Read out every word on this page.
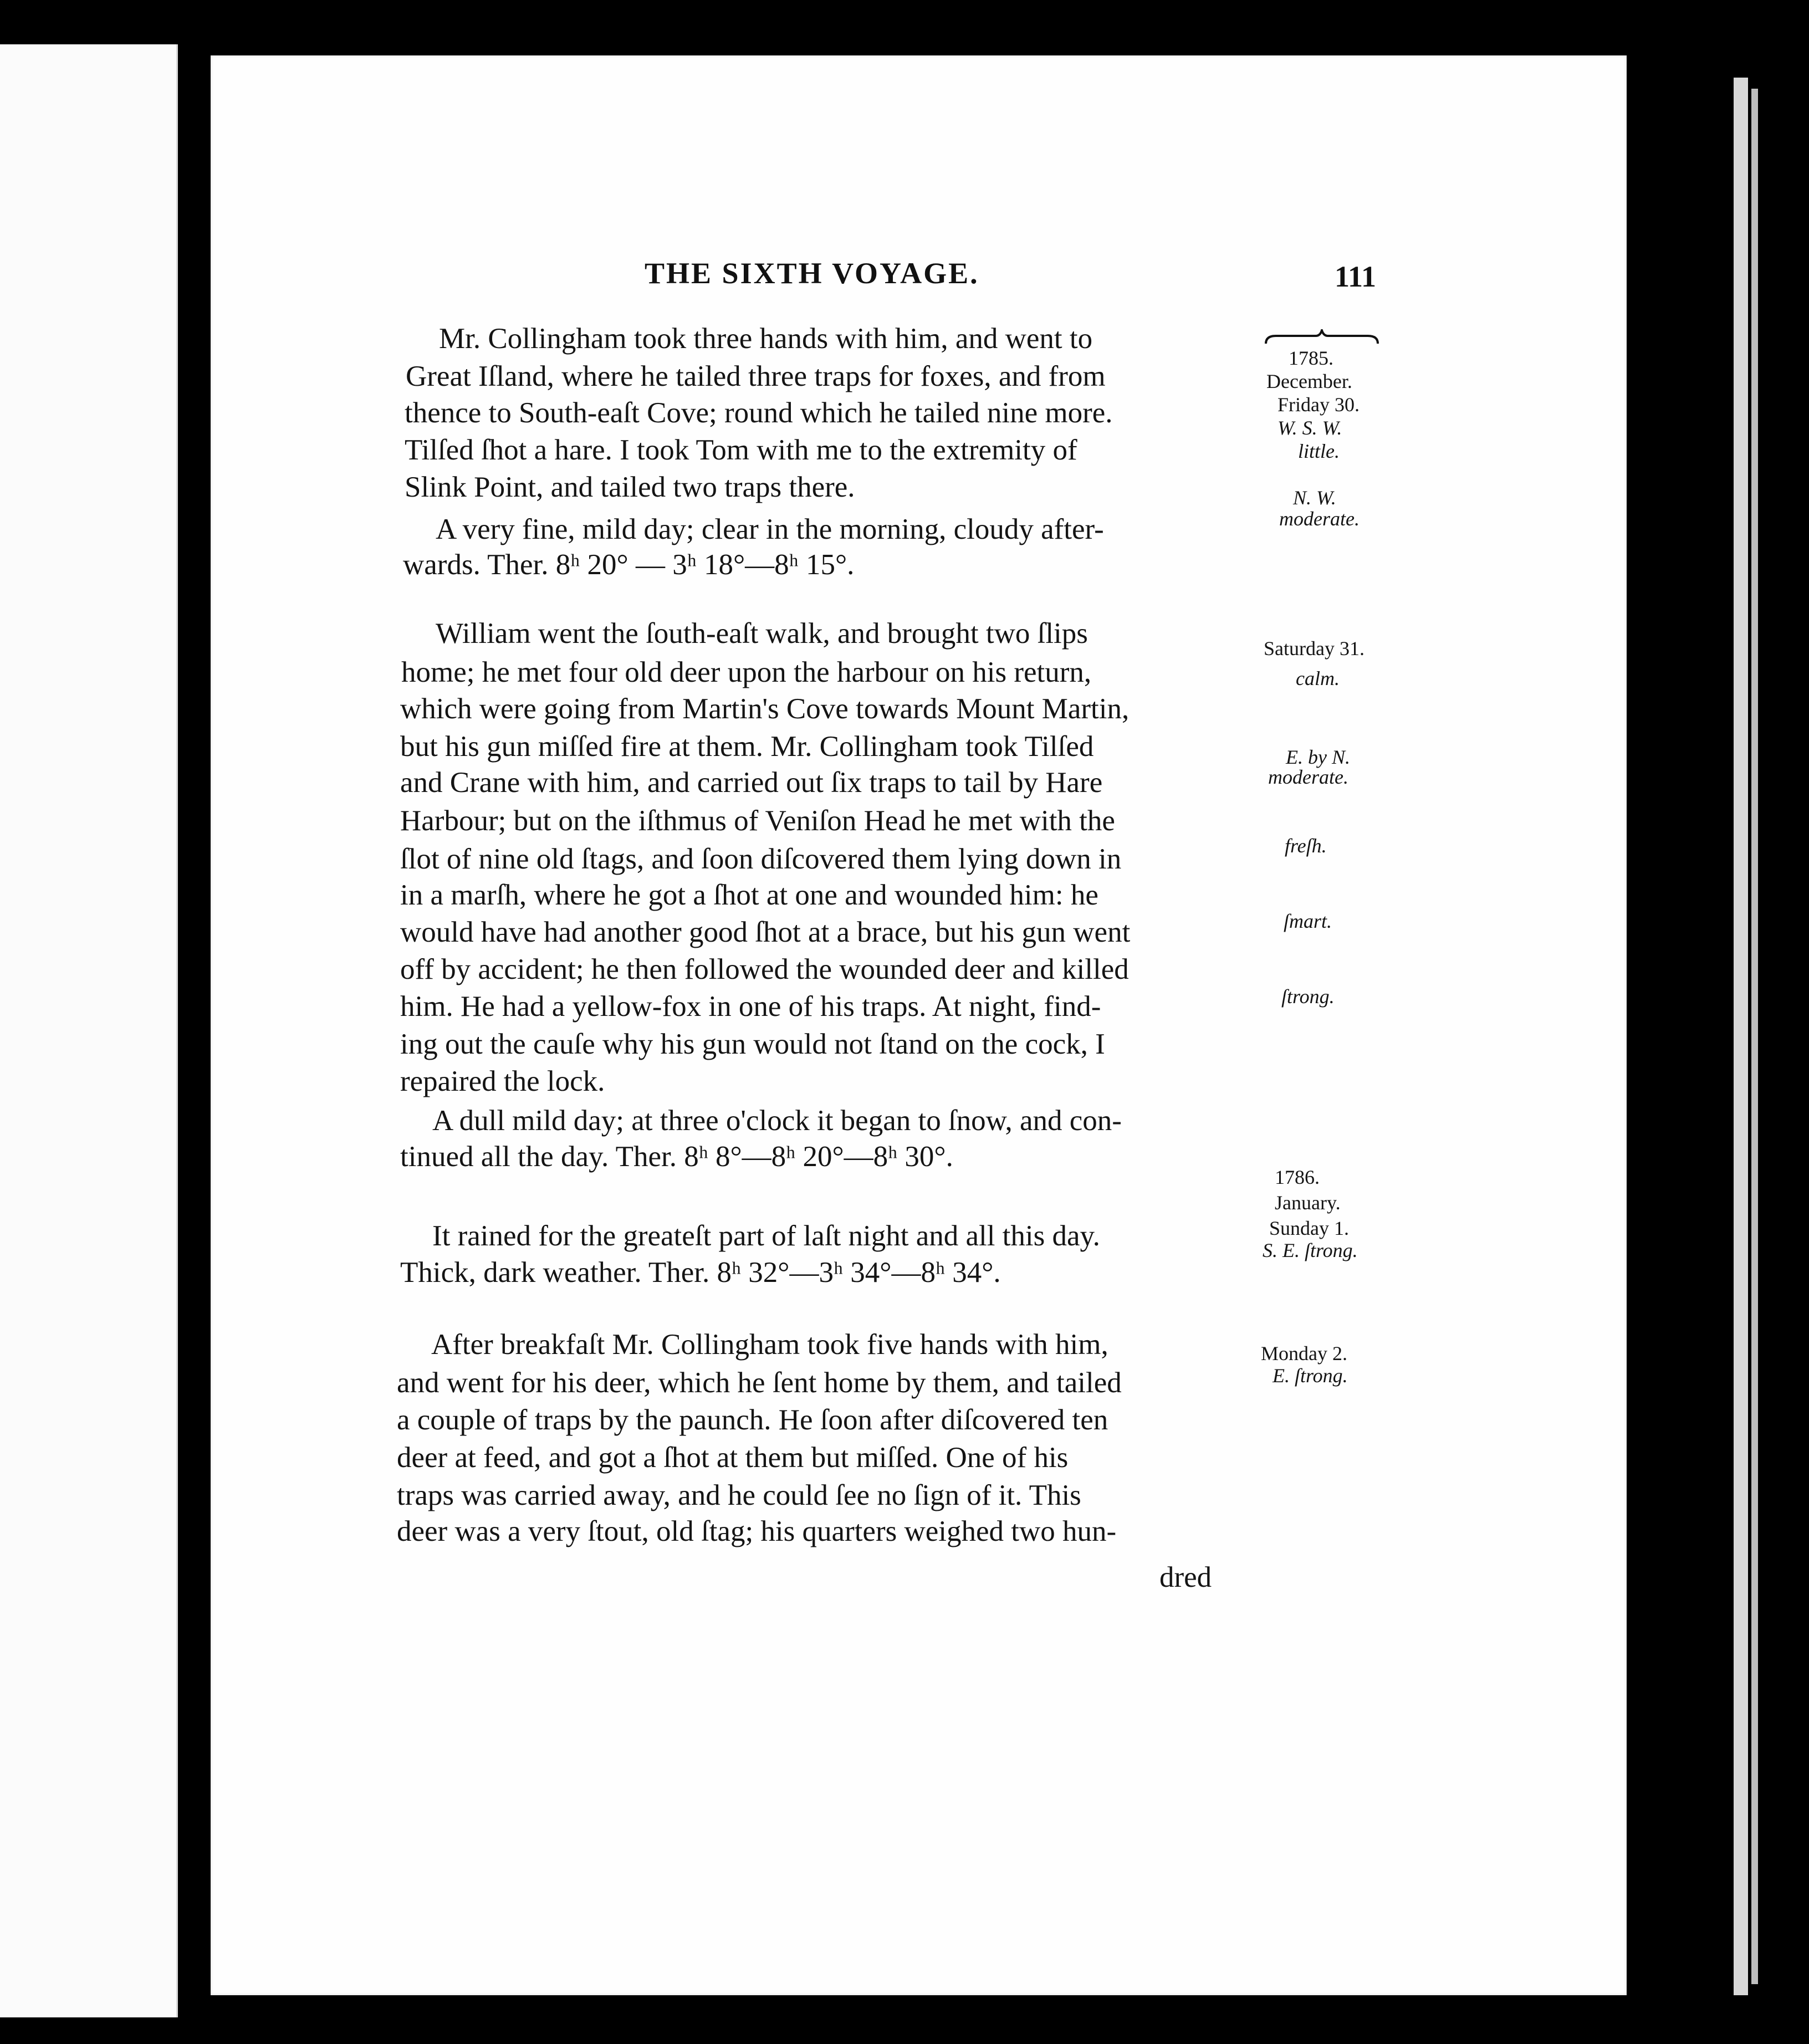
THE SIXTH VOYAGE.	111
Mr. Collingham took three hands with him, and went to
Great Iſland, where he tailed three traps for foxes, and from
thence to South-eaſt Cove; round which he tailed nine more.
Tilſed ſhot a hare. I took Tom with me to the extremity of
Slink Point, and tailed two traps there.
A very fine, mild day; clear in the morning, cloudy after-
wards. Ther. 8ʰ 20° — 3ʰ 18°—8ʰ 15°.
William went the ſouth-eaſt walk, and brought two ſlips
home; he met four old deer upon the harbour on his return,
which were going from Martin's Cove towards Mount Martin,
but his gun miſſed fire at them. Mr. Collingham took Tilſed
and Crane with him, and carried out ſix traps to tail by Hare
Harbour; but on the iſthmus of Veniſon Head he met with the
ſlot of nine old ſtags, and ſoon diſcovered them lying down in
in a marſh, where he got a ſhot at one and wounded him: he
would have had another good ſhot at a brace, but his gun went
off by accident; he then followed the wounded deer and killed
him. He had a yellow-fox in one of his traps. At night, find-
ing out the cauſe why his gun would not ſtand on the cock, I
repaired the lock.
A dull mild day; at three o'clock it began to ſnow, and con-
tinued all the day. Ther. 8ʰ 8°—8ʰ 20°—8ʰ 30°.
It rained for the greateſt part of laſt night and all this day.
Thick, dark weather. Ther. 8ʰ 32°—3ʰ 34°—8ʰ 34°.
After breakfaſt Mr. Collingham took five hands with him,
and went for his deer, which he ſent home by them, and tailed
a couple of traps by the paunch. He ſoon after diſcovered ten
deer at feed, and got a ſhot at them but miſſed. One of his
traps was carried away, and he could ſee no ſign of it. This
deer was a very ſtout, old ſtag; his quarters weighed two hun-
dred
1785.
December.
Friday 30.
W. S. W.
little.
N. W.
moderate.
Saturday 31.
calm.
E. by N.
moderate.
freſh.
ſmart.
ſtrong.
1786.
January.
Sunday 1.
S. E. ſtrong.
Monday 2.
E. ſtrong.
